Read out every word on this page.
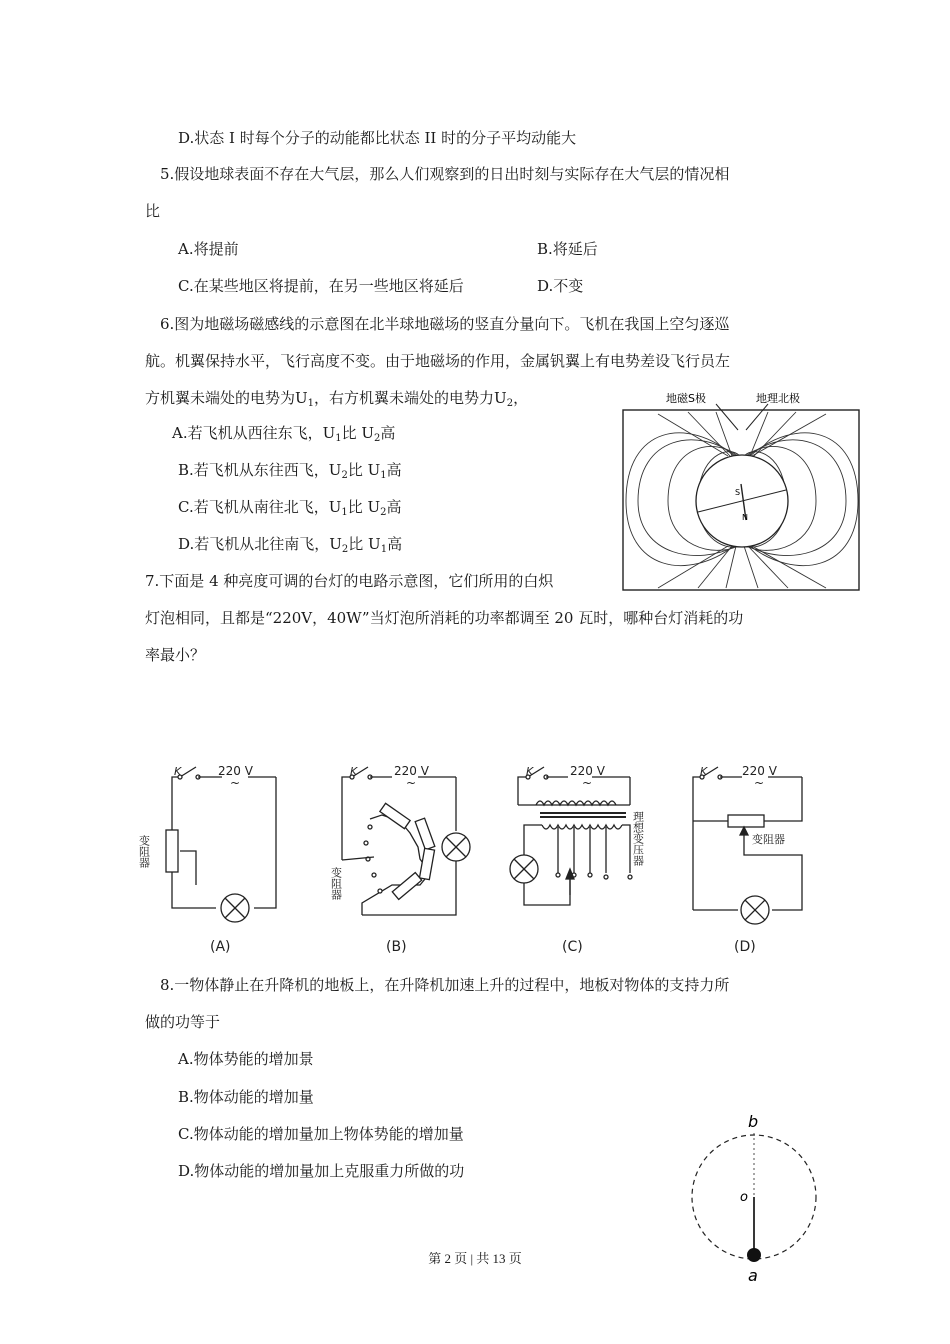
D.状态 I 时每个分子的动能都比状态 II 时的分子平均动能大
5.假设地球表面不存在大气层，那么人们观察到的日出时刻与实际存在大气层的情况相
比
A.将提前	B.将延后
C.在某些地区将提前，在另一些地区将延后	D.不变
6.图为地磁场磁感线的示意图在北半球地磁场的竖直分量向下。飞机在我国上空匀逐巡
航。机翼保持水平，飞行高度不变。由于地磁场的作用，金属钒翼上有电势差设飞行员左
方机翼未端处的电势为$U_1$，右方机翼未端处的电势力$U_2$，
A.若飞机从西往东飞，$U_1$比 $U_2$高
B.若飞机从东往西飞，$U_2$比 $U_1$高
C.若飞机从南往北飞，$U_1$比 $U_2$高
D.若飞机从北往南飞，$U_2$比 $U_1$高
地磁S极	地理北极
S
N
7.下面是 4 种亮度可调的台灯的电路示意图，它们所用的白炽
灯泡相同，且都是“220V，40W”当灯泡所消耗的功率都调至 20 瓦时，哪种台灯消耗的功
率最小？
K	220 V
~
变阻器
(A)
K	220 V
~
变阻器
(B)
K	220 V
~
理想变压器
(C)
K	220 V
~
变阻器
(D)
8.一物体静止在升降机的地板上，在升降机加速上升的过程中，地板对物体的支持力所
做的功等于
A.物体势能的增加景
B.物体动能的增加量
C.物体动能的增加量加上物体势能的增加量
D.物体动能的增加量加上克服重力所做的功
b
o
a
第 2 页 | 共 13 页
